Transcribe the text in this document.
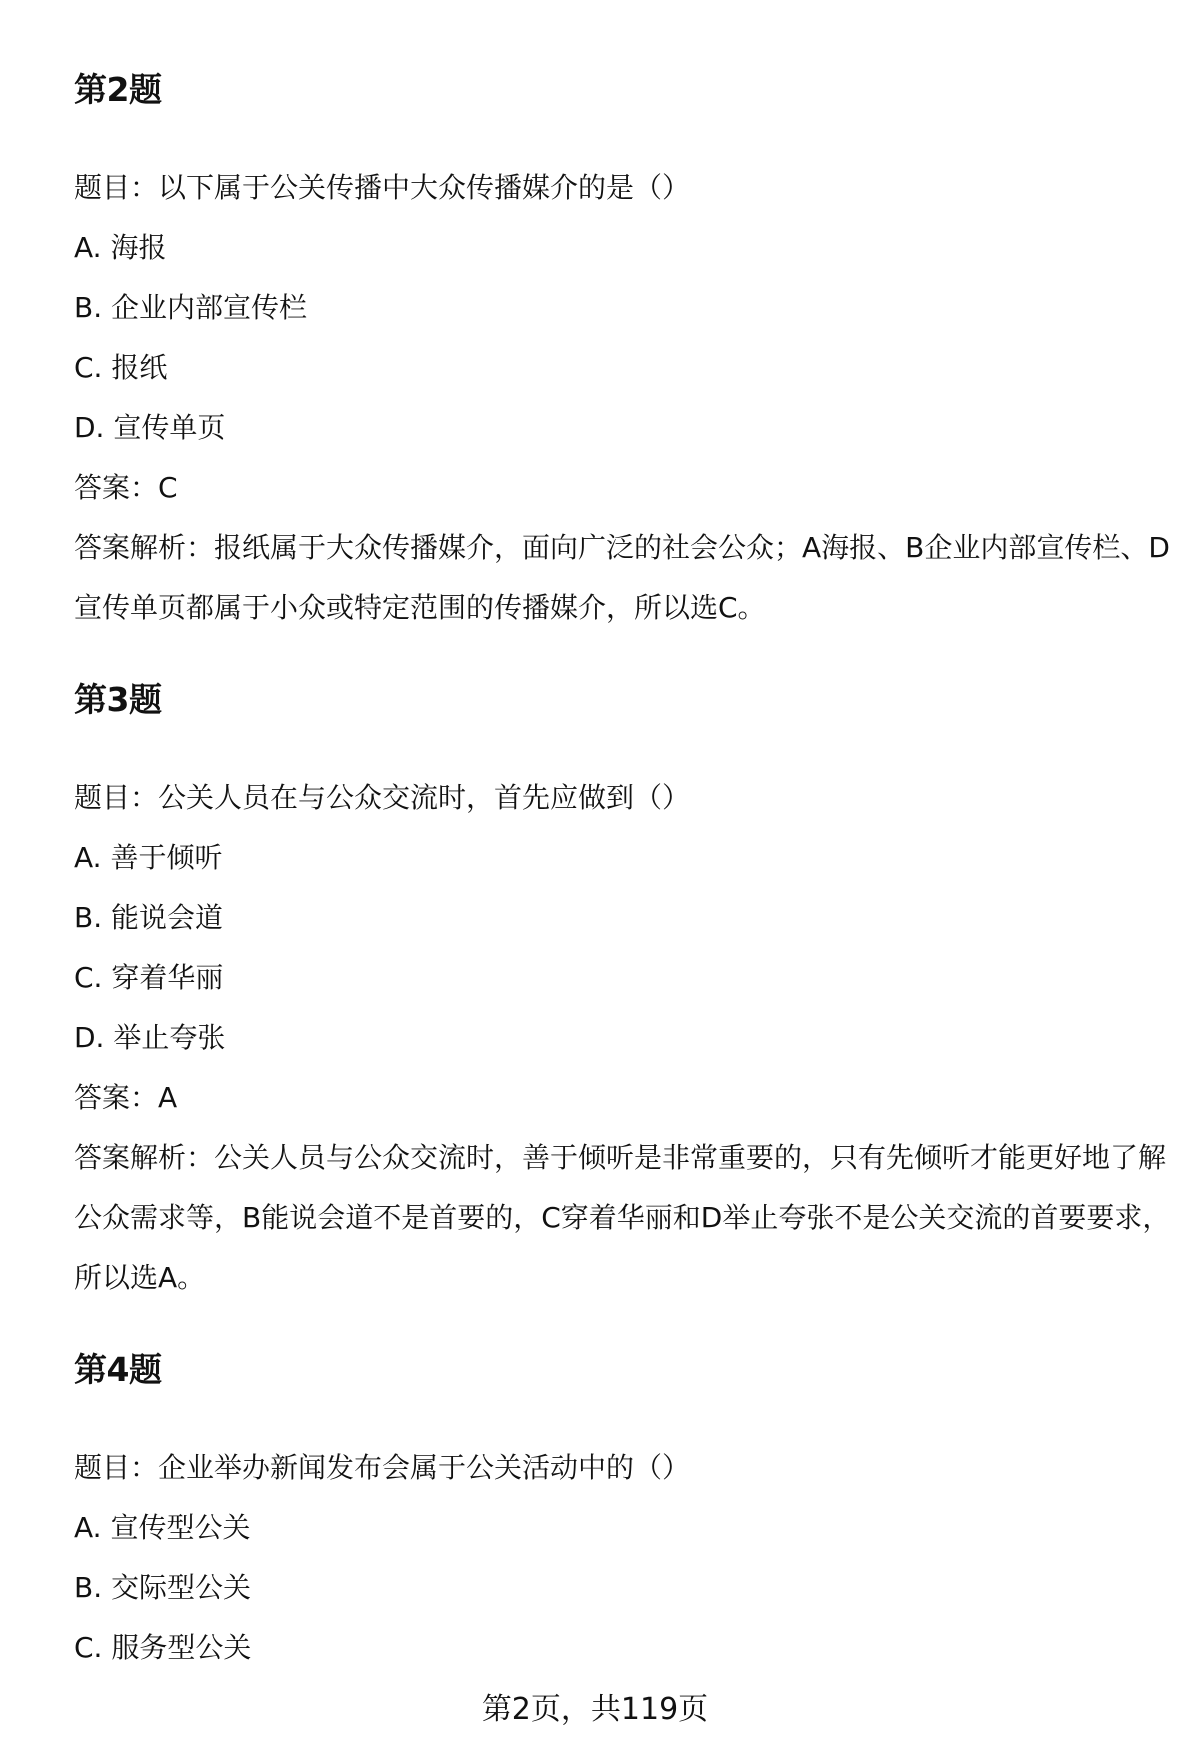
第2题

题目：以下属于公关传播中大众传播媒介的是（）

A. 海报

B. 企业内部宣传栏

C. 报纸

D. 宣传单页

答案：C

答案解析：报纸属于大众传播媒介，面向广泛的社会公众；A海报、B企业内部宣传栏、D宣传单页都属于小众或特定范围的传播媒介，所以选C。

第3题

题目：公关人员在与公众交流时，首先应做到（）

A. 善于倾听

B. 能说会道

C. 穿着华丽

D. 举止夸张

答案：A

答案解析：公关人员与公众交流时，善于倾听是非常重要的，只有先倾听才能更好地了解公众需求等，B能说会道不是首要的，C穿着华丽和D举止夸张不是公关交流的首要要求，所以选A。

第4题

题目：企业举办新闻发布会属于公关活动中的（）

A. 宣传型公关

B. 交际型公关

C. 服务型公关

第2页，共119页
